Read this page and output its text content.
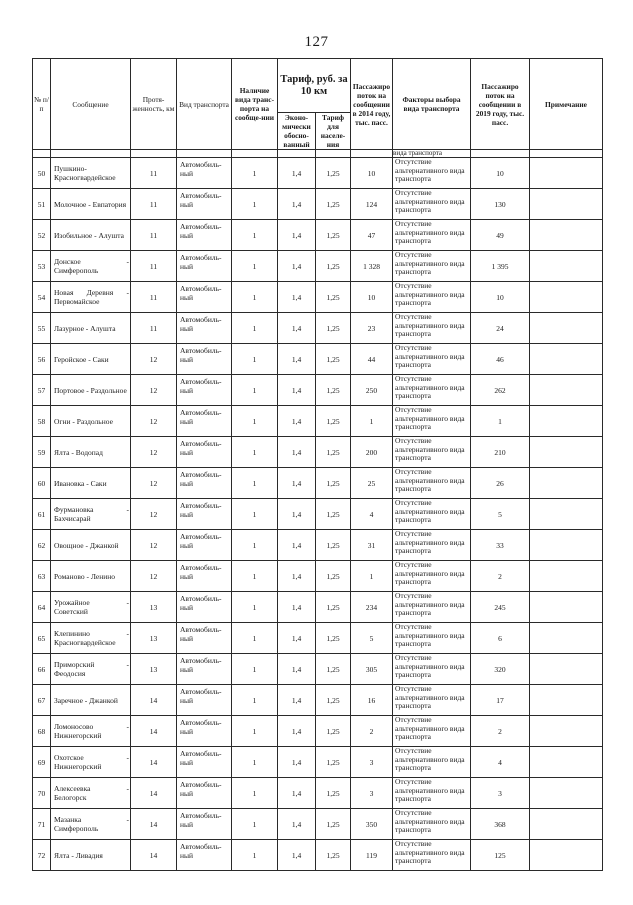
127
№ п/п	Сообщение	Протя-женность, км	Вид транспорта	Наличие вида транс-порта на сообще-нии	Тариф, руб. за 10 км		Пассажиро поток на сообщении в 2014 году, тыс. пасс.	Факторы выбора вида транспорта	Пассажиро поток на сообщении в 2019 году, тыс. пасс.	Примечание
					Эконо-мически обосно-ванный	Тариф для населе-ния				
								вида транспорта		
50	Пушкино-Красногвардейское	11	Автомобиль-ный	1	1,4	1,25	10	Отсутствие альтернативного вида транспорта	10	
51	Молочное - Евпатория	11	Автомобиль-ный	1	1,4	1,25	124	Отсутствие альтернативного вида транспорта	130	
52	Изобильное - Алушта	11	Автомобиль-ный	1	1,4	1,25	47	Отсутствие альтернативного вида транспорта	49	
53	Донское - Симферополь	11	Автомобиль-ный	1	1,4	1,25	1 328	Отсутствие альтернативного вида транспорта	1 395	
54	Новая Деревня - Первомайское	11	Автомобиль-ный	1	1,4	1,25	10	Отсутствие альтернативного вида транспорта	10	
55	Лазурное - Алушта	11	Автомобиль-ный	1	1,4	1,25	23	Отсутствие альтернативного вида транспорта	24	
56	Геройское - Саки	12	Автомобиль-ный	1	1,4	1,25	44	Отсутствие альтернативного вида транспорта	46	
57	Портовое - Раздольное	12	Автомобиль-ный	1	1,4	1,25	250	Отсутствие альтернативного вида транспорта	262	
58	Огни - Раздольное	12	Автомобиль-ный	1	1,4	1,25	1	Отсутствие альтернативного вида транспорта	1	
59	Ялта - Водопад	12	Автомобиль-ный	1	1,4	1,25	200	Отсутствие альтернативного вида транспорта	210	
60	Ивановка - Саки	12	Автомобиль-ный	1	1,4	1,25	25	Отсутствие альтернативного вида транспорта	26	
61	Фурмановка - Бахчисарай	12	Автомобиль-ный	1	1,4	1,25	4	Отсутствие альтернативного вида транспорта	5	
62	Овощное - Джанкой	12	Автомобиль-ный	1	1,4	1,25	31	Отсутствие альтернативного вида транспорта	33	
63	Романово - Ленино	12	Автомобиль-ный	1	1,4	1,25	1	Отсутствие альтернативного вида транспорта	2	
64	Урожайное - Советский	13	Автомобиль-ный	1	1,4	1,25	234	Отсутствие альтернативного вида транспорта	245	
65	Клепинино - Красногвардейское	13	Автомобиль-ный	1	1,4	1,25	5	Отсутствие альтернативного вида транспорта	6	
66	Приморский - Феодосия	13	Автомобиль-ный	1	1,4	1,25	305	Отсутствие альтернативного вида транспорта	320	
67	Заречное - Джанкой	14	Автомобиль-ный	1	1,4	1,25	16	Отсутствие альтернативного вида транспорта	17	
68	Ломоносово - Нижнегорский	14	Автомобиль-ный	1	1,4	1,25	2	Отсутствие альтернативного вида транспорта	2	
69	Охотское - Нижнегорский	14	Автомобиль-ный	1	1,4	1,25	3	Отсутствие альтернативного вида транспорта	4	
70	Алексеевка - Белогорск	14	Автомобиль-ный	1	1,4	1,25	3	Отсутствие альтернативного вида транспорта	3	
71	Мазанка - Симферополь	14	Автомобиль-ный	1	1,4	1,25	350	Отсутствие альтернативного вида транспорта	368	
72	Ялта - Ливадия	14	Автомобиль-ный	1	1,4	1,25	119	Отсутствие альтернативного вида транспорта	125	
